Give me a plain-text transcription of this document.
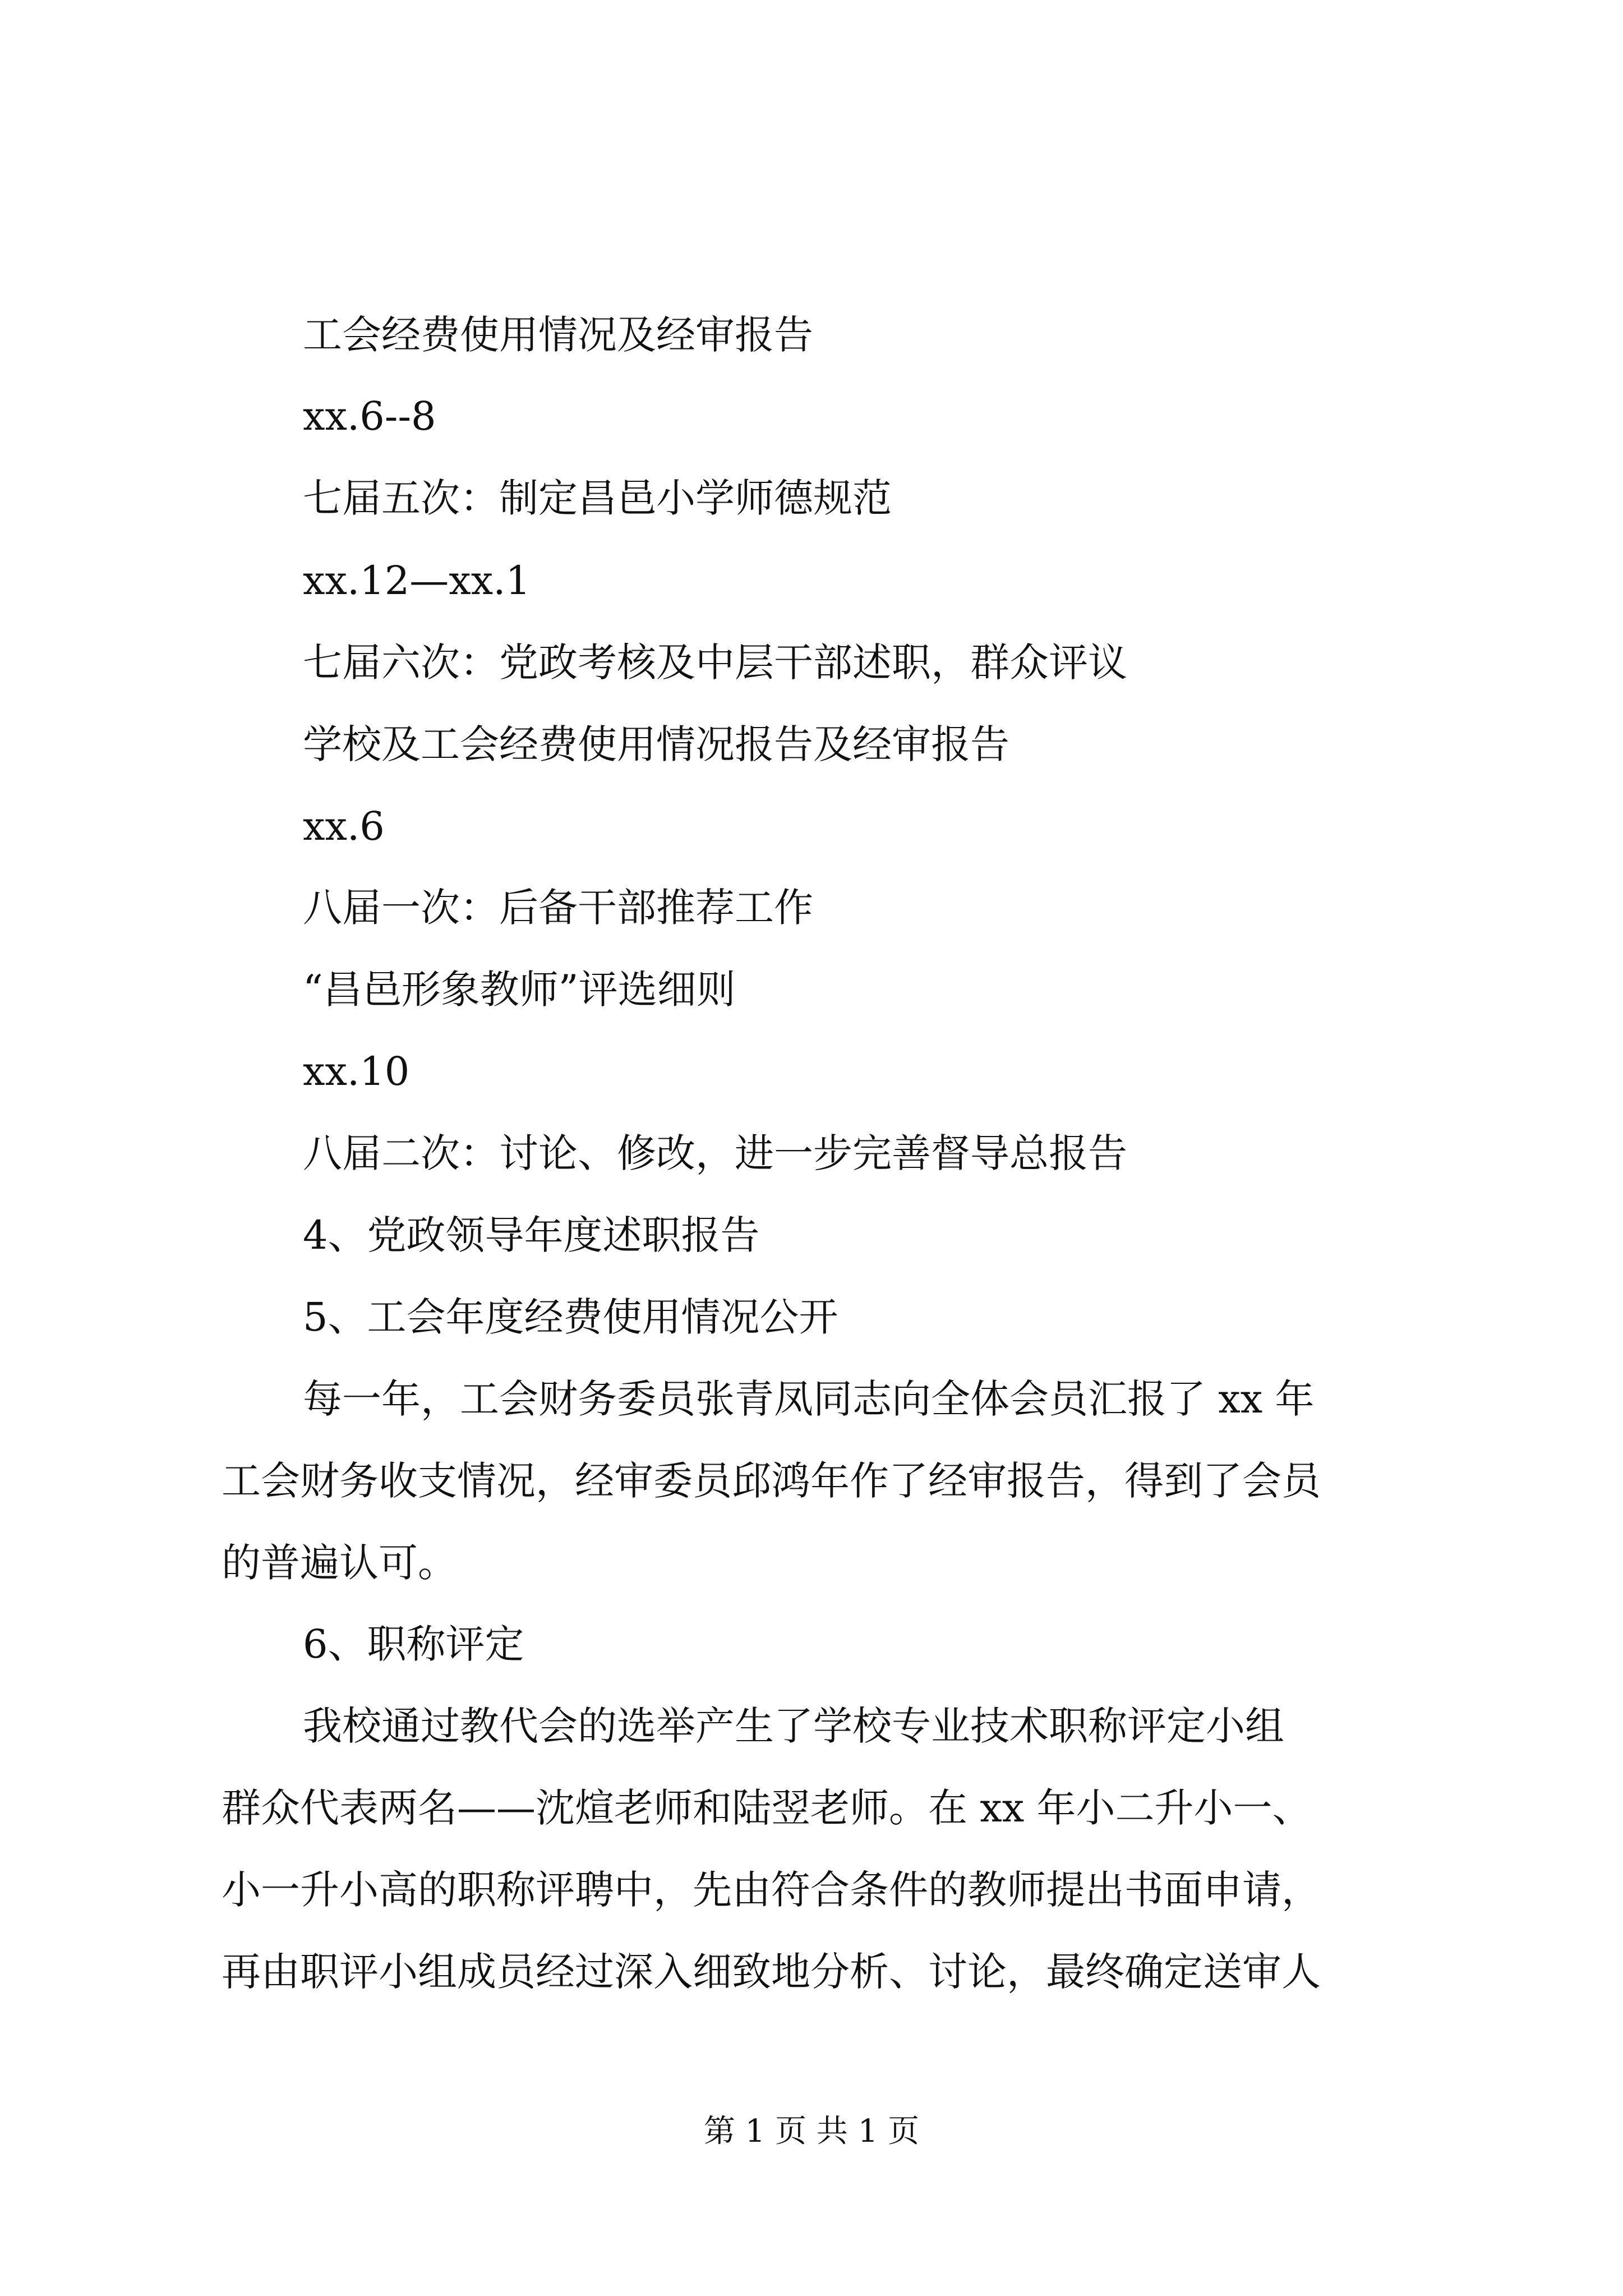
工会经费使用情况及经审报告
xx.6--8
七届五次：制定昌邑小学师德规范
xx.12—xx.1
七届六次：党政考核及中层干部述职，群众评议
学校及工会经费使用情况报告及经审报告
xx.6
八届一次：后备干部推荐工作
“昌邑形象教师”评选细则
xx.10
八届二次：讨论、修改，进一步完善督导总报告
4、党政领导年度述职报告
5、工会年度经费使用情况公开
每一年，工会财务委员张青凤同志向全体会员汇报了 xx 年
工会财务收支情况，经审委员邱鸿年作了经审报告，得到了会员
的普遍认可。
6、职称评定
我校通过教代会的选举产生了学校专业技术职称评定小组
群众代表两名——沈煊老师和陆翌老师。在 xx 年小二升小一、
小一升小高的职称评聘中，先由符合条件的教师提出书面申请，
再由职评小组成员经过深入细致地分析、讨论，最终确定送审人
第 1 页 共 1 页
